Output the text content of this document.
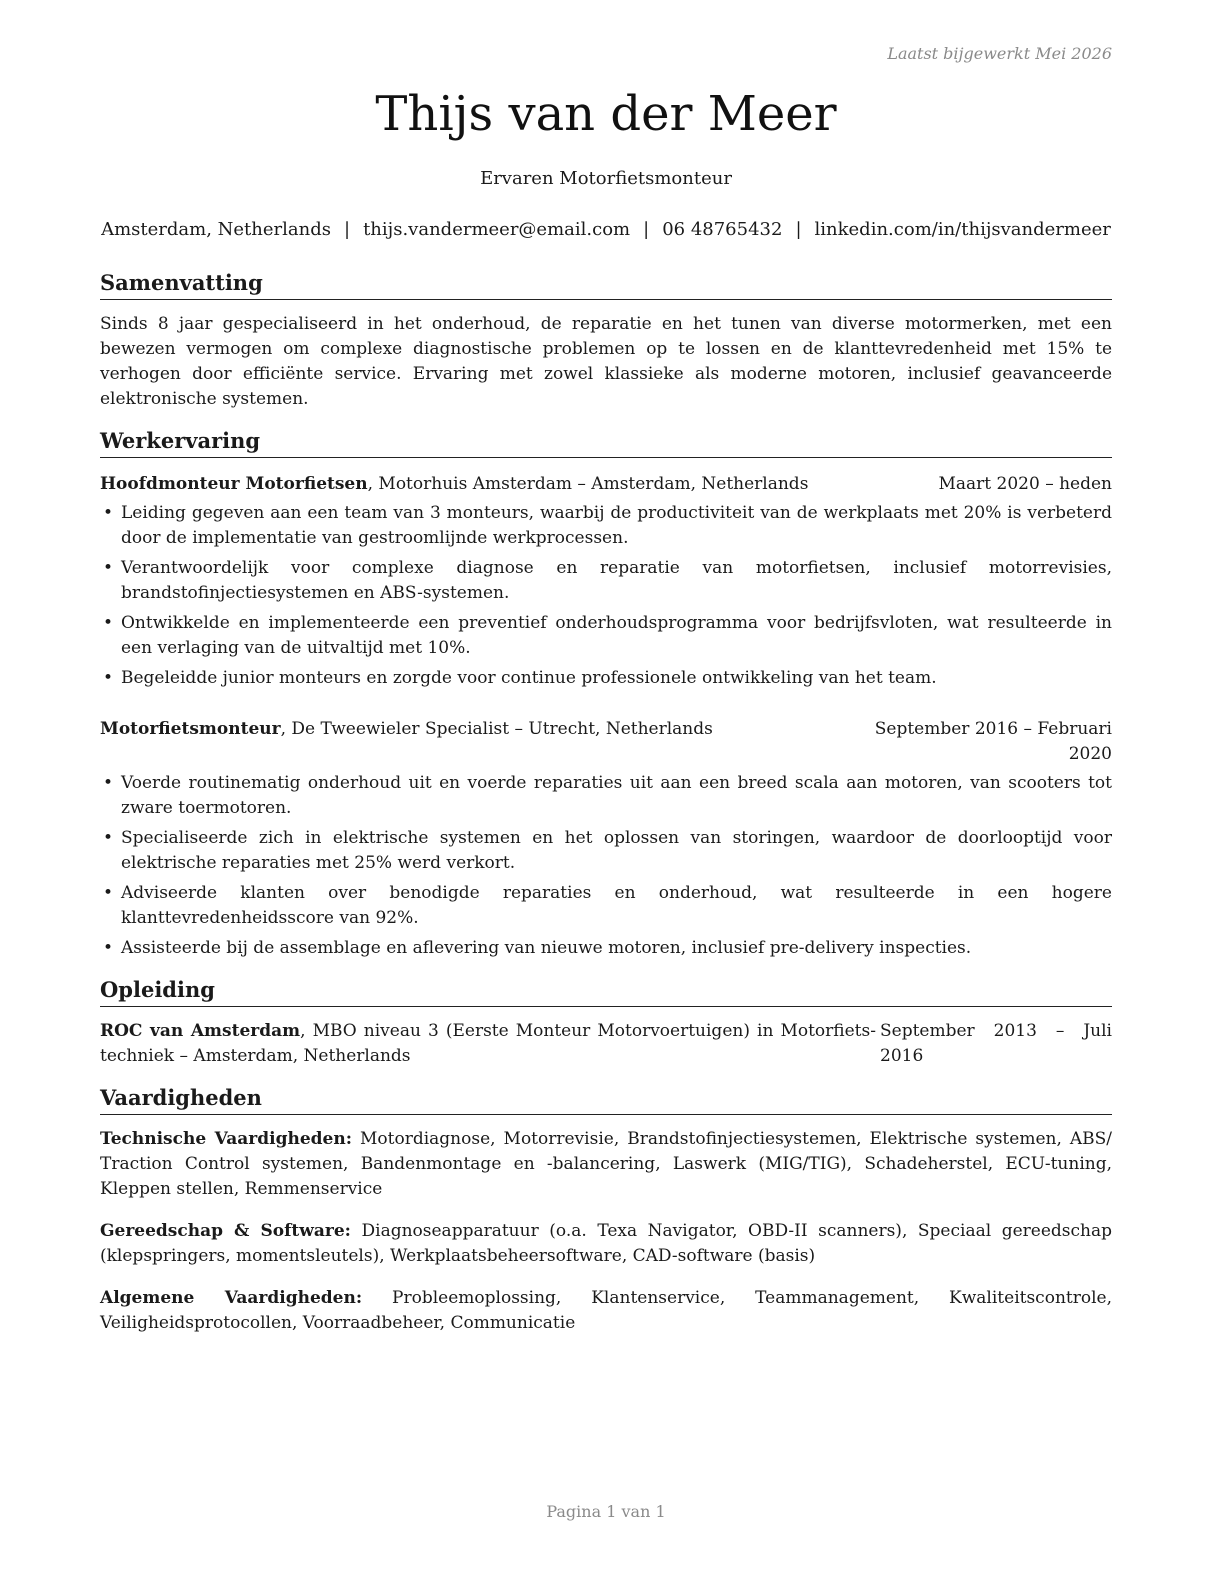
Laatst bijgewerkt Mei 2026
Thijs van der Meer
Ervaren Motorfietsmonteur
Amsterdam, Netherlands | thijs.vandermeer@email.com | 06 48765432 | linkedin.com/in/thijsvandermeer
Samenvatting

Sinds 8 jaar gespecialiseerd in het onderhoud, de reparatie en het tunen van diverse motormerken, met een bewezen vermogen om complexe diagnostische problemen op te lossen en de klanttevredenheid met 15% te verhogen door efficiënte service. Ervaring met zowel klassieke als moderne motoren, inclusief geavanceerde elektronische systemen.

Werkervaring
Hoofdmonteur Motorfietsen, Motorhuis Amsterdam – Amsterdam, Netherlands	Maart 2020 – heden
• Leiding gegeven aan een team van 3 monteurs, waarbij de productiviteit van de werkplaats met 20% is verbeterd door de implementatie van gestroomlijnde werkprocessen.
• Verantwoordelijk voor complexe diagnose en reparatie van motorfietsen, inclusief motorrevisies, brandstofinjectiesystemen en ABS-systemen.
• Ontwikkelde en implementeerde een preventief onderhoudsprogramma voor bedrijfsvloten, wat resulteerde in een verlaging van de uitvaltijd met 10%.
• Begeleidde junior monteurs en zorgde voor continue professionele ontwikkeling van het team.
Motorfietsmonteur, De Tweewieler Specialist – Utrecht, Netherlands	September 2016 – Februari 2020
• Voerde routinematig onderhoud uit en voerde reparaties uit aan een breed scala aan motoren, van scooters tot zware toermotoren.
• Specialiseerde zich in elektrische systemen en het oplossen van storingen, waardoor de doorlooptijd voor elektrische reparaties met 25% werd verkort.
• Adviseerde klanten over benodigde reparaties en onderhoud, wat resulteerde in een hogere klanttevredenheidsscore van 92%.
• Assisteerde bij de assemblage en aflevering van nieuwe motoren, inclusief pre-delivery inspecties.
Opleiding
ROC van Amsterdam, MBO niveau 3 (Eerste Monteur Motorvoertuigen) in Motorfietstechniek – Amsterdam, Netherlands
September 2013 – Juli 2016
Vaardigheden

Technische Vaardigheden: Motordiagnose, Motorrevisie, Brandstofinjectiesystemen, Elektrische systemen, ABS/ Traction Control systemen, Bandenmontage en -balancering, Laswerk (MIG/TIG), Schadeherstel, ECU-tuning, Kleppen stellen, Remmenservice

Gereedschap & Software: Diagnoseapparatuur (o.a. Texa Navigator, OBD-II scanners), Speciaal gereedschap (klepspringers, momentsleutels), Werkplaatsbeheersoftware, CAD-software (basis)

Algemene Vaardigheden: Probleemoplossing, Klantenservice, Teammanagement, Kwaliteitscontrole, Veiligheidsprotocollen, Voorraadbeheer, Communicatie

Pagina 1 van 1
